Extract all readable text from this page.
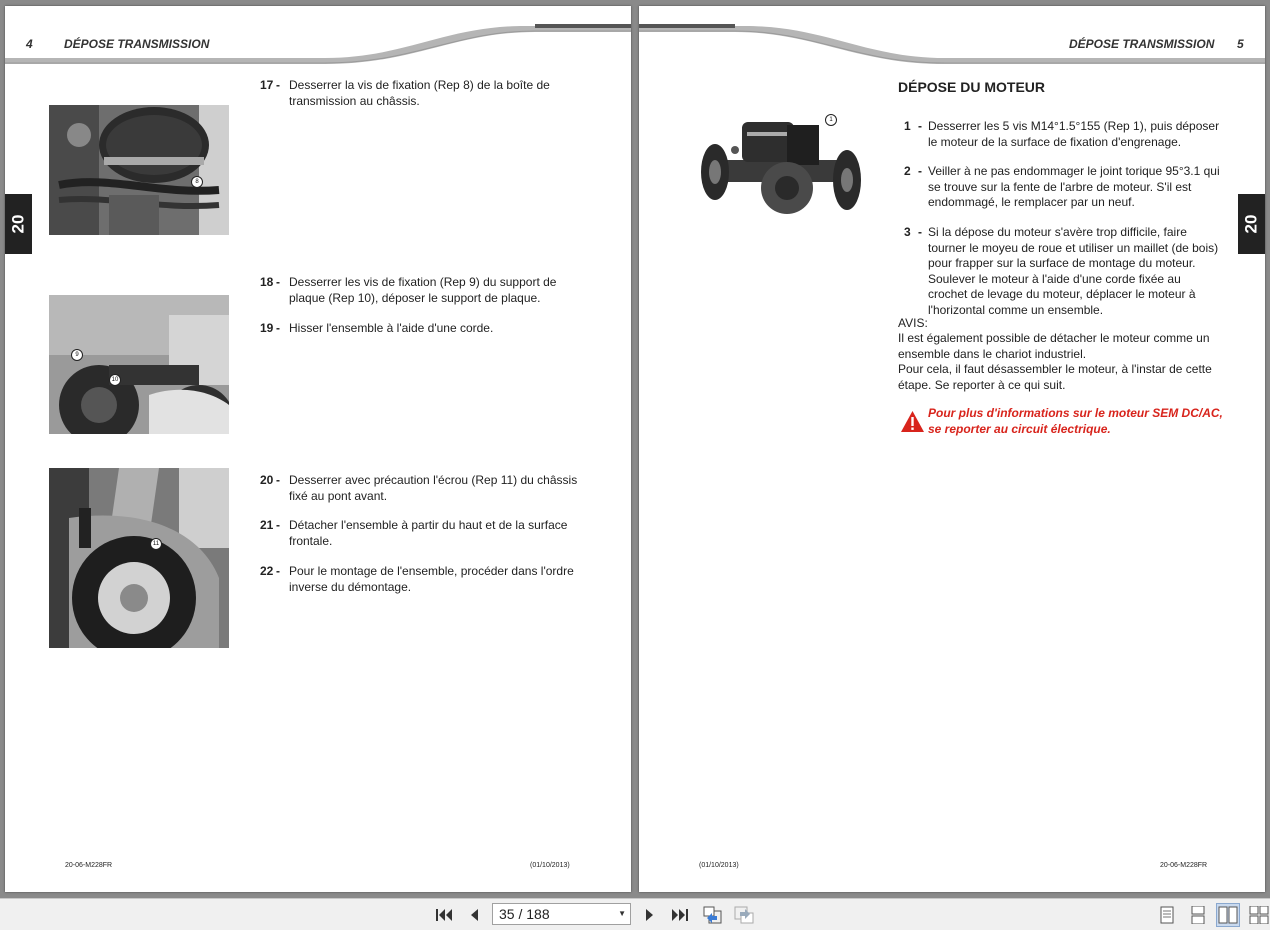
4	DÉPOSE TRANSMISSION
20
8
9
10
11
17 - Desserrer la vis de fixation (Rep 8) de la boîte de transmission au châssis.
18 - Desserrer les vis de fixation (Rep 9) du support de plaque (Rep 10), déposer le support de plaque.
19 - Hisser l'ensemble à l'aide d'une corde.
20 - Desserrer avec précaution l'écrou (Rep 11) du châssis fixé au pont avant.
21 - Détacher l'ensemble à partir du haut et de la surface frontale.
22 - Pour le montage de l'ensemble, procéder dans l'ordre inverse du démontage.
20-06-M228FR	(01/10/2013)
DÉPOSE TRANSMISSION 5
20
1
DÉPOSE DU MOTEUR
1 - Desserrer les 5 vis M14°1.5°155 (Rep 1), puis déposer le moteur de la surface de fixation d'engrenage.
2 - Veiller à ne pas endommager le joint torique 95°3.1 qui se trouve sur la fente de l'arbre de moteur. S'il est endommagé, le remplacer par un neuf.
3 - Si la dépose du moteur s'avère trop difficile, faire tourner le moyeu de roue et utiliser un maillet (de bois) pour frapper sur la surface de montage du moteur. Soulever le moteur à l'aide d'une corde fixée au crochet de levage du moteur, déplacer le moteur à l'horizontal comme un ensemble.
AVIS:
Il est également possible de détacher le moteur comme un ensemble dans le chariot industriel.
Pour cela, il faut désassembler le moteur, à l'instar de cette étape. Se reporter à ce qui suit.
Pour plus d'informations sur le moteur SEM DC/AC, se reporter au circuit électrique.
(01/10/2013)	20-06-M228FR
35 / 188	▼
